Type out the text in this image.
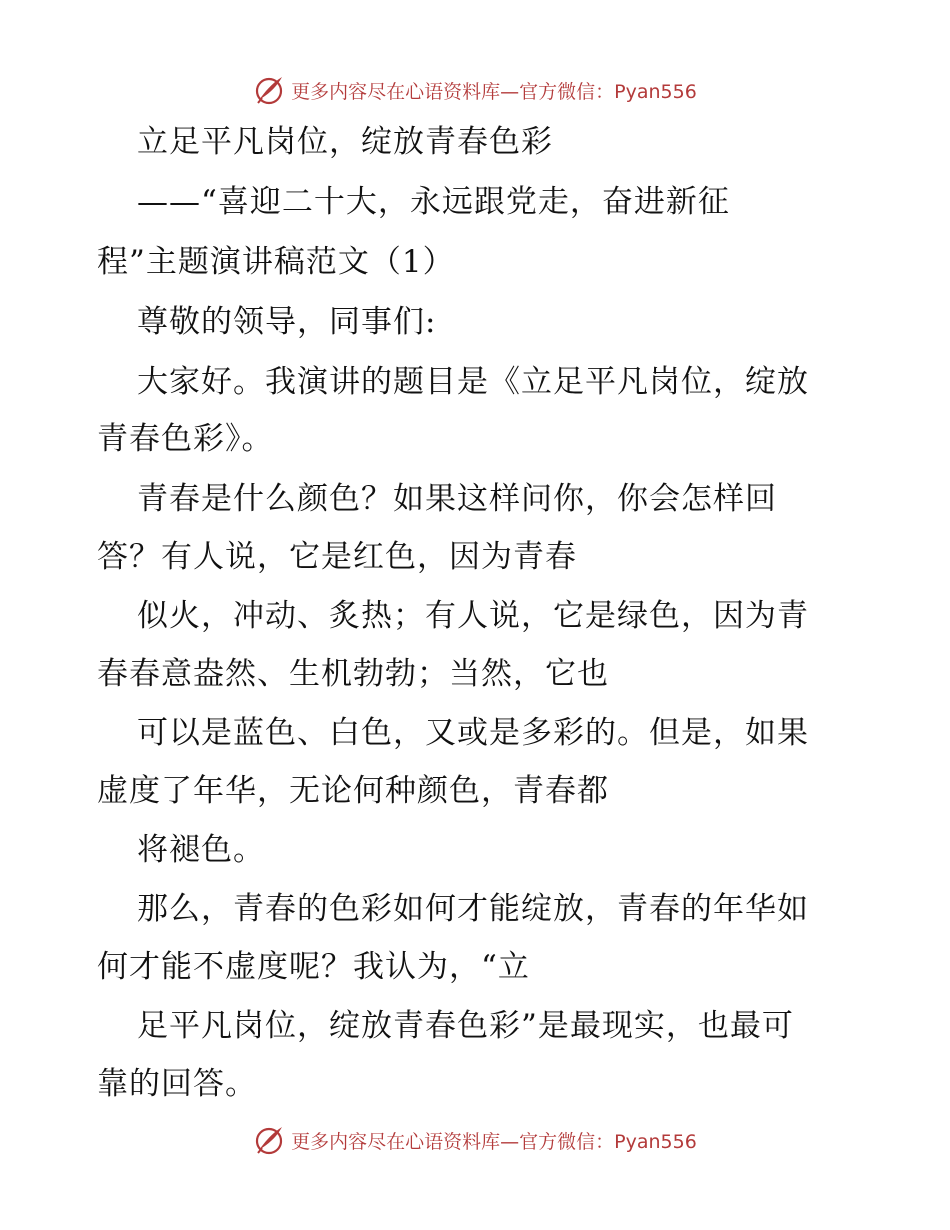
更多内容尽在心语资料库—官方微信：Pyan556
立足平凡岗位，绽放青春色彩
——“喜迎二十大，永远跟党走，奋进新征
程”主题演讲稿范文（1）
尊敬的领导，同事们:
大家好。我演讲的题目是《立足平凡岗位，绽放
青春色彩》。
青春是什么颜色？如果这样问你，你会怎样回
答？有人说，它是红色，因为青春
似火，冲动、炙热；有人说，它是绿色，因为青
春春意盎然、生机勃勃；当然，它也
可以是蓝色、白色，又或是多彩的。但是，如果
虚度了年华，无论何种颜色，青春都
将褪色。
那么，青春的色彩如何才能绽放，青春的年华如
何才能不虚度呢？我认为，“立
足平凡岗位，绽放青春色彩”是最现实，也最可
靠的回答。
更多内容尽在心语资料库—官方微信：Pyan556
